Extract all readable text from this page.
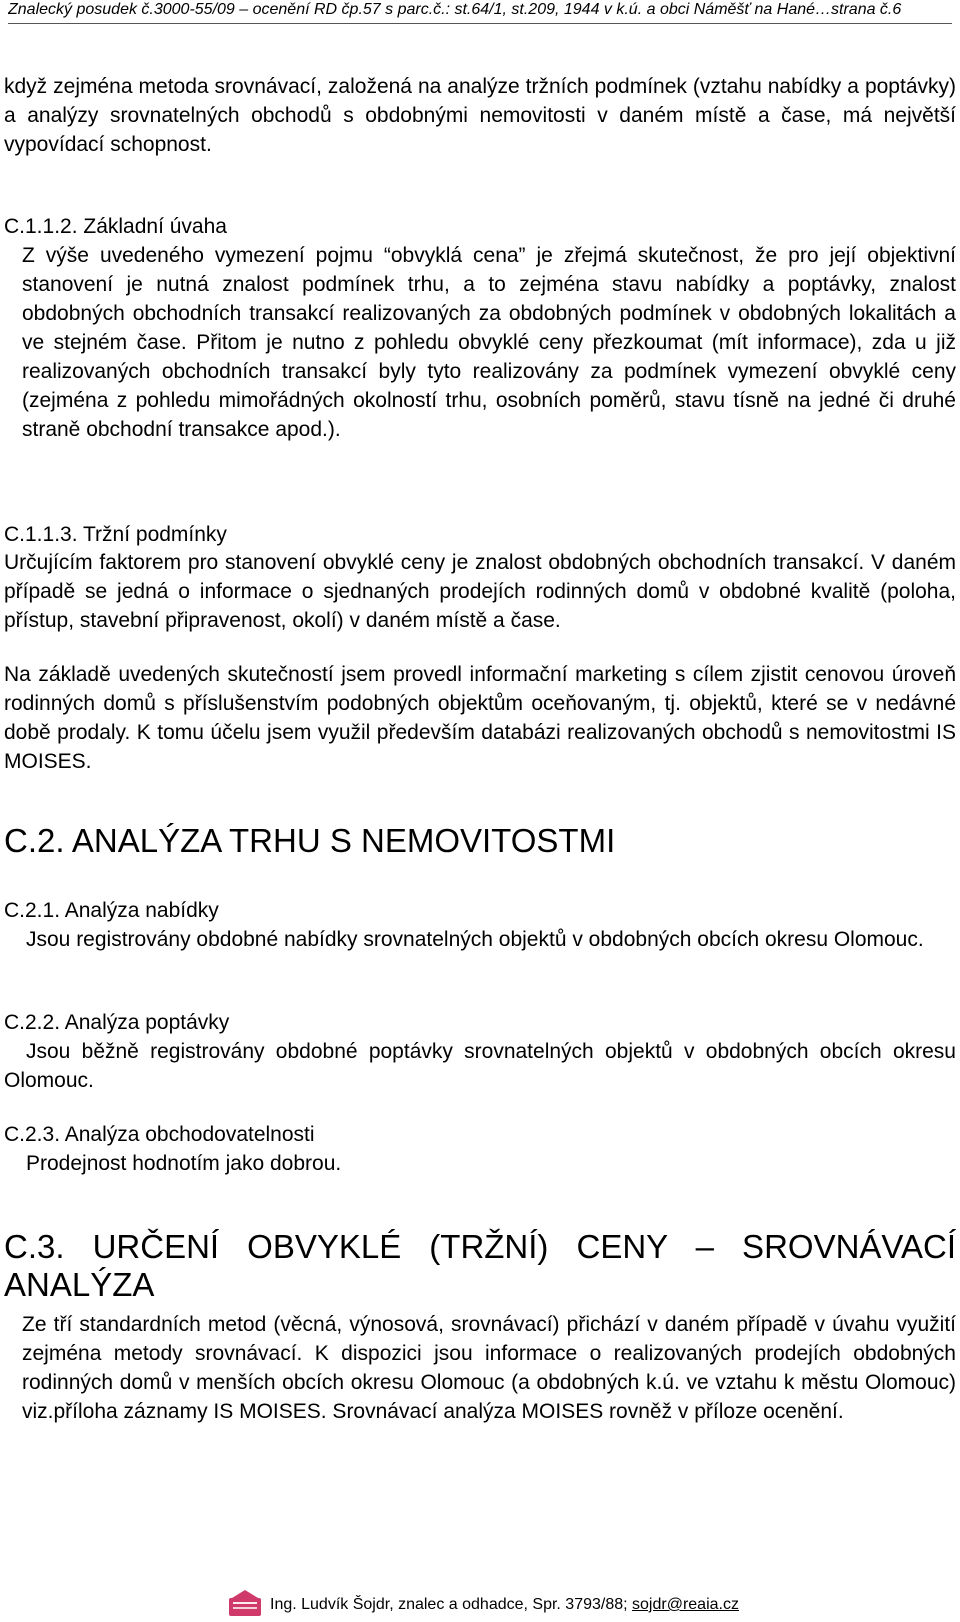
Znalecký posudek č.3000-55/09 – ocenění RD čp.57 s parc.č.: st.64/1, st.209, 1944 v k.ú. a obci Náměšť na Hané…strana č.6

když zejména metoda srovnávací, založená na analýze tržních podmínek (vztahu nabídky a poptávky) a analýzy srovnatelných obchodů s obdobnými nemovitosti v daném místě a čase, má největší vypovídací schopnost.

C.1.1.2. Základní úvaha

Z výše uvedeného vymezení pojmu “obvyklá cena” je zřejmá skutečnost, že pro její objektivní stanovení je nutná znalost podmínek trhu, a to zejména stavu nabídky a poptávky, znalost obdobných obchodních transakcí realizovaných za obdobných podmínek v obdobných lokalitách a ve stejném čase. Přitom je nutno z pohledu obvyklé ceny přezkoumat (mít informace), zda u již realizovaných obchodních transakcí byly tyto realizovány za podmínek vymezení obvyklé ceny (zejména z pohledu mimořádných okolností trhu, osobních poměrů, stavu tísně na jedné či druhé straně obchodní transakce apod.).

C.1.1.3. Tržní podmínky

Určujícím faktorem pro stanovení obvyklé ceny je znalost obdobných obchodních transakcí. V daném případě se jedná o informace o sjednaných prodejích rodinných domů v obdobné kvalitě (poloha, přístup, stavební připravenost, okolí) v daném místě a čase.

Na základě uvedených skutečností jsem provedl informační marketing s cílem zjistit cenovou úroveň rodinných domů s příslušenstvím podobných objektům oceňovaným, tj. objektů, které se v nedávné době prodaly. K tomu účelu jsem využil především databázi realizovaných obchodů s nemovitostmi IS MOISES.

C.2. ANALÝZA TRHU S NEMOVITOSTMI

C.2.1. Analýza nabídky

Jsou registrovány obdobné nabídky srovnatelných objektů v obdobných obcích okresu Olomouc.

C.2.2. Analýza poptávky

Jsou běžně registrovány obdobné poptávky srovnatelných objektů v obdobných obcích okresu Olomouc.

C.2.3. Analýza obchodovatelnosti

Prodejnost hodnotím jako dobrou.

C.3. URČENÍ OBVYKLÉ (TRŽNÍ) CENY – SROVNÁVACÍ ANALÝZA

Ze tří standardních metod (věcná, výnosová, srovnávací) přichází v daném případě v úvahu využití zejména metody srovnávací. K dispozici jsou informace o realizovaných prodejích obdobných rodinných domů v menších obcích okresu Olomouc (a obdobných k.ú. ve vztahu k městu Olomouc) viz.příloha záznamy IS MOISES. Srovnávací analýza MOISES rovněž v příloze ocenění.

Ing. Ludvík Šojdr, znalec a odhadce, Spr. 3793/88; sojdr@reaia.cz
